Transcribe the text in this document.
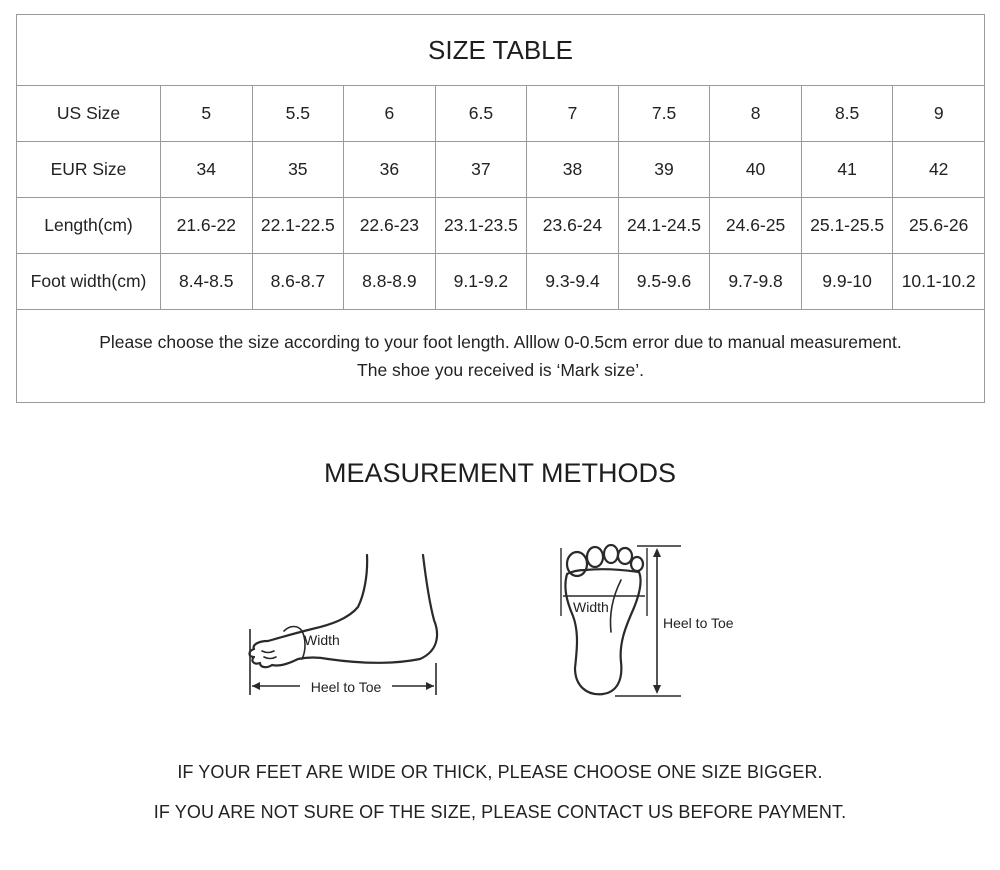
SIZE TABLE									
US Size	5	5.5	6	6.5	7	7.5	8	8.5	9
EUR Size	34	35	36	37	38	39	40	41	42
Length(cm)	21.6-22	22.1-22.5	22.6-23	23.1-23.5	23.6-24	24.1-24.5	24.6-25	25.1-25.5	25.6-26
Foot width(cm)	8.4-8.5	8.6-8.7	8.8-8.9	9.1-9.2	9.3-9.4	9.5-9.6	9.7-9.8	9.9-10	10.1-10.2

Please choose the size according to your foot length. Alllow 0-0.5cm error due to manual measurement.
The shoe you received is ‘Mark size’.									
MEASUREMENT METHODS
Width
Heel to Toe
Width
Heel to Toe
IF YOUR FEET ARE WIDE OR THICK, PLEASE CHOOSE ONE SIZE BIGGER.
IF YOU ARE NOT SURE OF THE SIZE, PLEASE CONTACT US BEFORE PAYMENT.
